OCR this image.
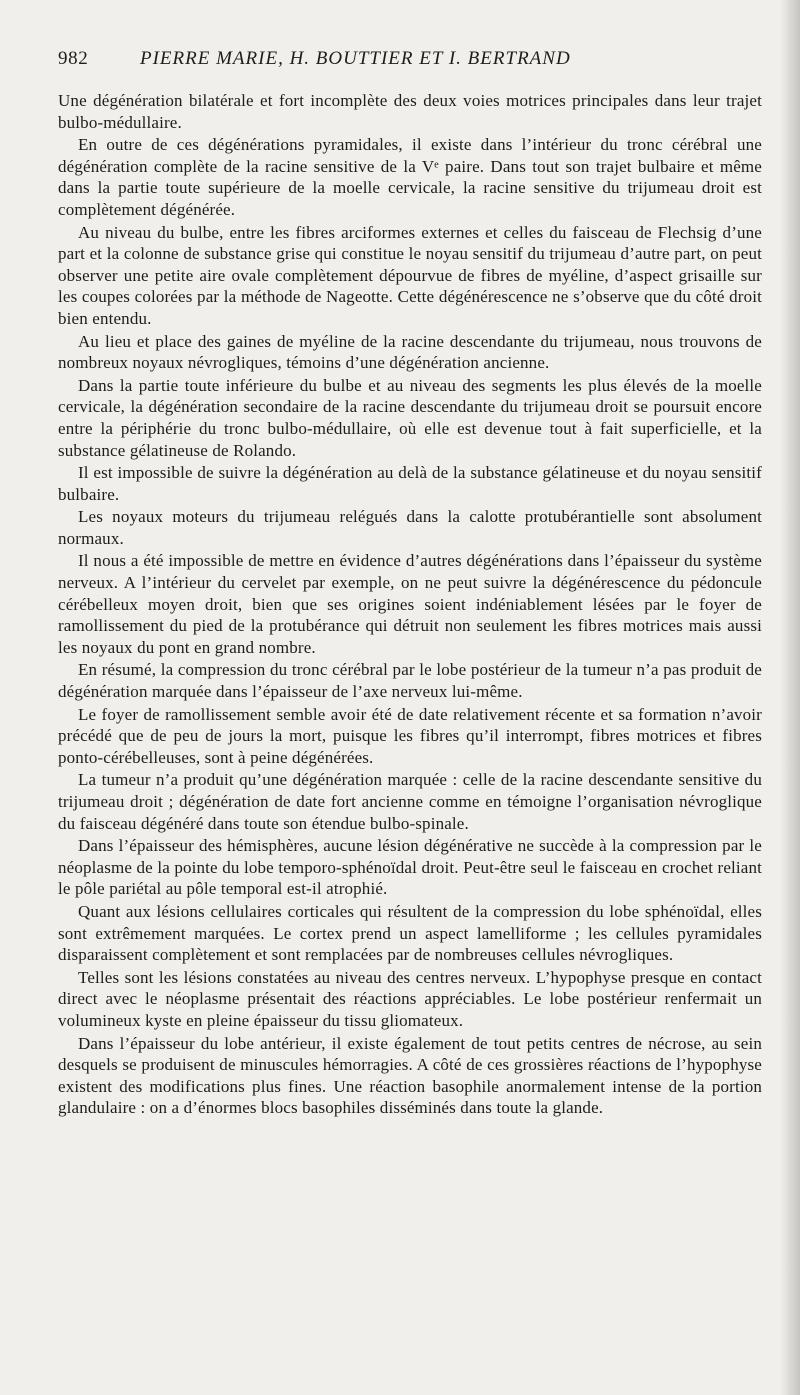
982	PIERRE MARIE, H. BOUTTIER ET I. BERTRAND

Une dégénération bilatérale et fort incomplète des deux voies motrices principales dans leur trajet bulbo-médullaire.

En outre de ces dégénérations pyramidales, il existe dans l’intérieur du tronc cérébral une dégénération complète de la racine sensitive de la Vᵉ paire. Dans tout son trajet bulbaire et même dans la partie toute supérieure de la moelle cervicale, la racine sensitive du trijumeau droit est complètement dégénérée.

Au niveau du bulbe, entre les fibres arciformes externes et celles du faisceau de Flechsig d’une part et la colonne de substance grise qui constitue le noyau sensitif du trijumeau d’autre part, on peut observer une petite aire ovale complètement dépourvue de fibres de myéline, d’aspect grisaille sur les coupes colorées par la méthode de Nageotte. Cette dégénérescence ne s’observe que du côté droit bien entendu.

Au lieu et place des gaines de myéline de la racine descendante du trijumeau, nous trouvons de nombreux noyaux névrogliques, témoins d’une dégénération ancienne.

Dans la partie toute inférieure du bulbe et au niveau des segments les plus élevés de la moelle cervicale, la dégénération secondaire de la racine descendante du trijumeau droit se poursuit encore entre la périphérie du tronc bulbo-médullaire, où elle est devenue tout à fait superficielle, et la substance gélatineuse de Rolando.

Il est impossible de suivre la dégénération au delà de la substance gélatineuse et du noyau sensitif bulbaire.

Les noyaux moteurs du trijumeau relégués dans la calotte protubérantielle sont absolument normaux.

Il nous a été impossible de mettre en évidence d’autres dégénérations dans l’épaisseur du système nerveux. A l’intérieur du cervelet par exemple, on ne peut suivre la dégénérescence du pédoncule cérébelleux moyen droit, bien que ses origines soient indéniablement lésées par le foyer de ramollissement du pied de la protubérance qui détruit non seulement les fibres motrices mais aussi les noyaux du pont en grand nombre.

En résumé, la compression du tronc cérébral par le lobe postérieur de la tumeur n’a pas produit de dégénération marquée dans l’épaisseur de l’axe nerveux lui-même.

Le foyer de ramollissement semble avoir été de date relativement récente et sa formation n’avoir précédé que de peu de jours la mort, puisque les fibres qu’il interrompt, fibres motrices et fibres ponto-cérébelleuses, sont à peine dégénérées.

La tumeur n’a produit qu’une dégénération marquée : celle de la racine descendante sensitive du trijumeau droit ; dégénération de date fort ancienne comme en témoigne l’organisation névroglique du faisceau dégénéré dans toute son étendue bulbo-spinale.

Dans l’épaisseur des hémisphères, aucune lésion dégénérative ne succède à la compression par le néoplasme de la pointe du lobe temporo-sphénoïdal droit. Peut-être seul le faisceau en crochet reliant le pôle pariétal au pôle temporal est-il atrophié.

Quant aux lésions cellulaires corticales qui résultent de la compression du lobe sphénoïdal, elles sont extrêmement marquées. Le cortex prend un aspect lamelliforme ; les cellules pyramidales disparaissent complètement et sont remplacées par de nombreuses cellules névrogliques.

Telles sont les lésions constatées au niveau des centres nerveux. L’hypophyse presque en contact direct avec le néoplasme présentait des réactions appréciables. Le lobe postérieur renfermait un volumineux kyste en pleine épaisseur du tissu gliomateux.

Dans l’épaisseur du lobe antérieur, il existe également de tout petits centres de nécrose, au sein desquels se produisent de minuscules hémorragies. A côté de ces grossières réactions de l’hypophyse existent des modifications plus fines. Une réaction basophile anormalement intense de la portion glandulaire : on a d’énormes blocs basophiles disséminés dans toute la glande.
